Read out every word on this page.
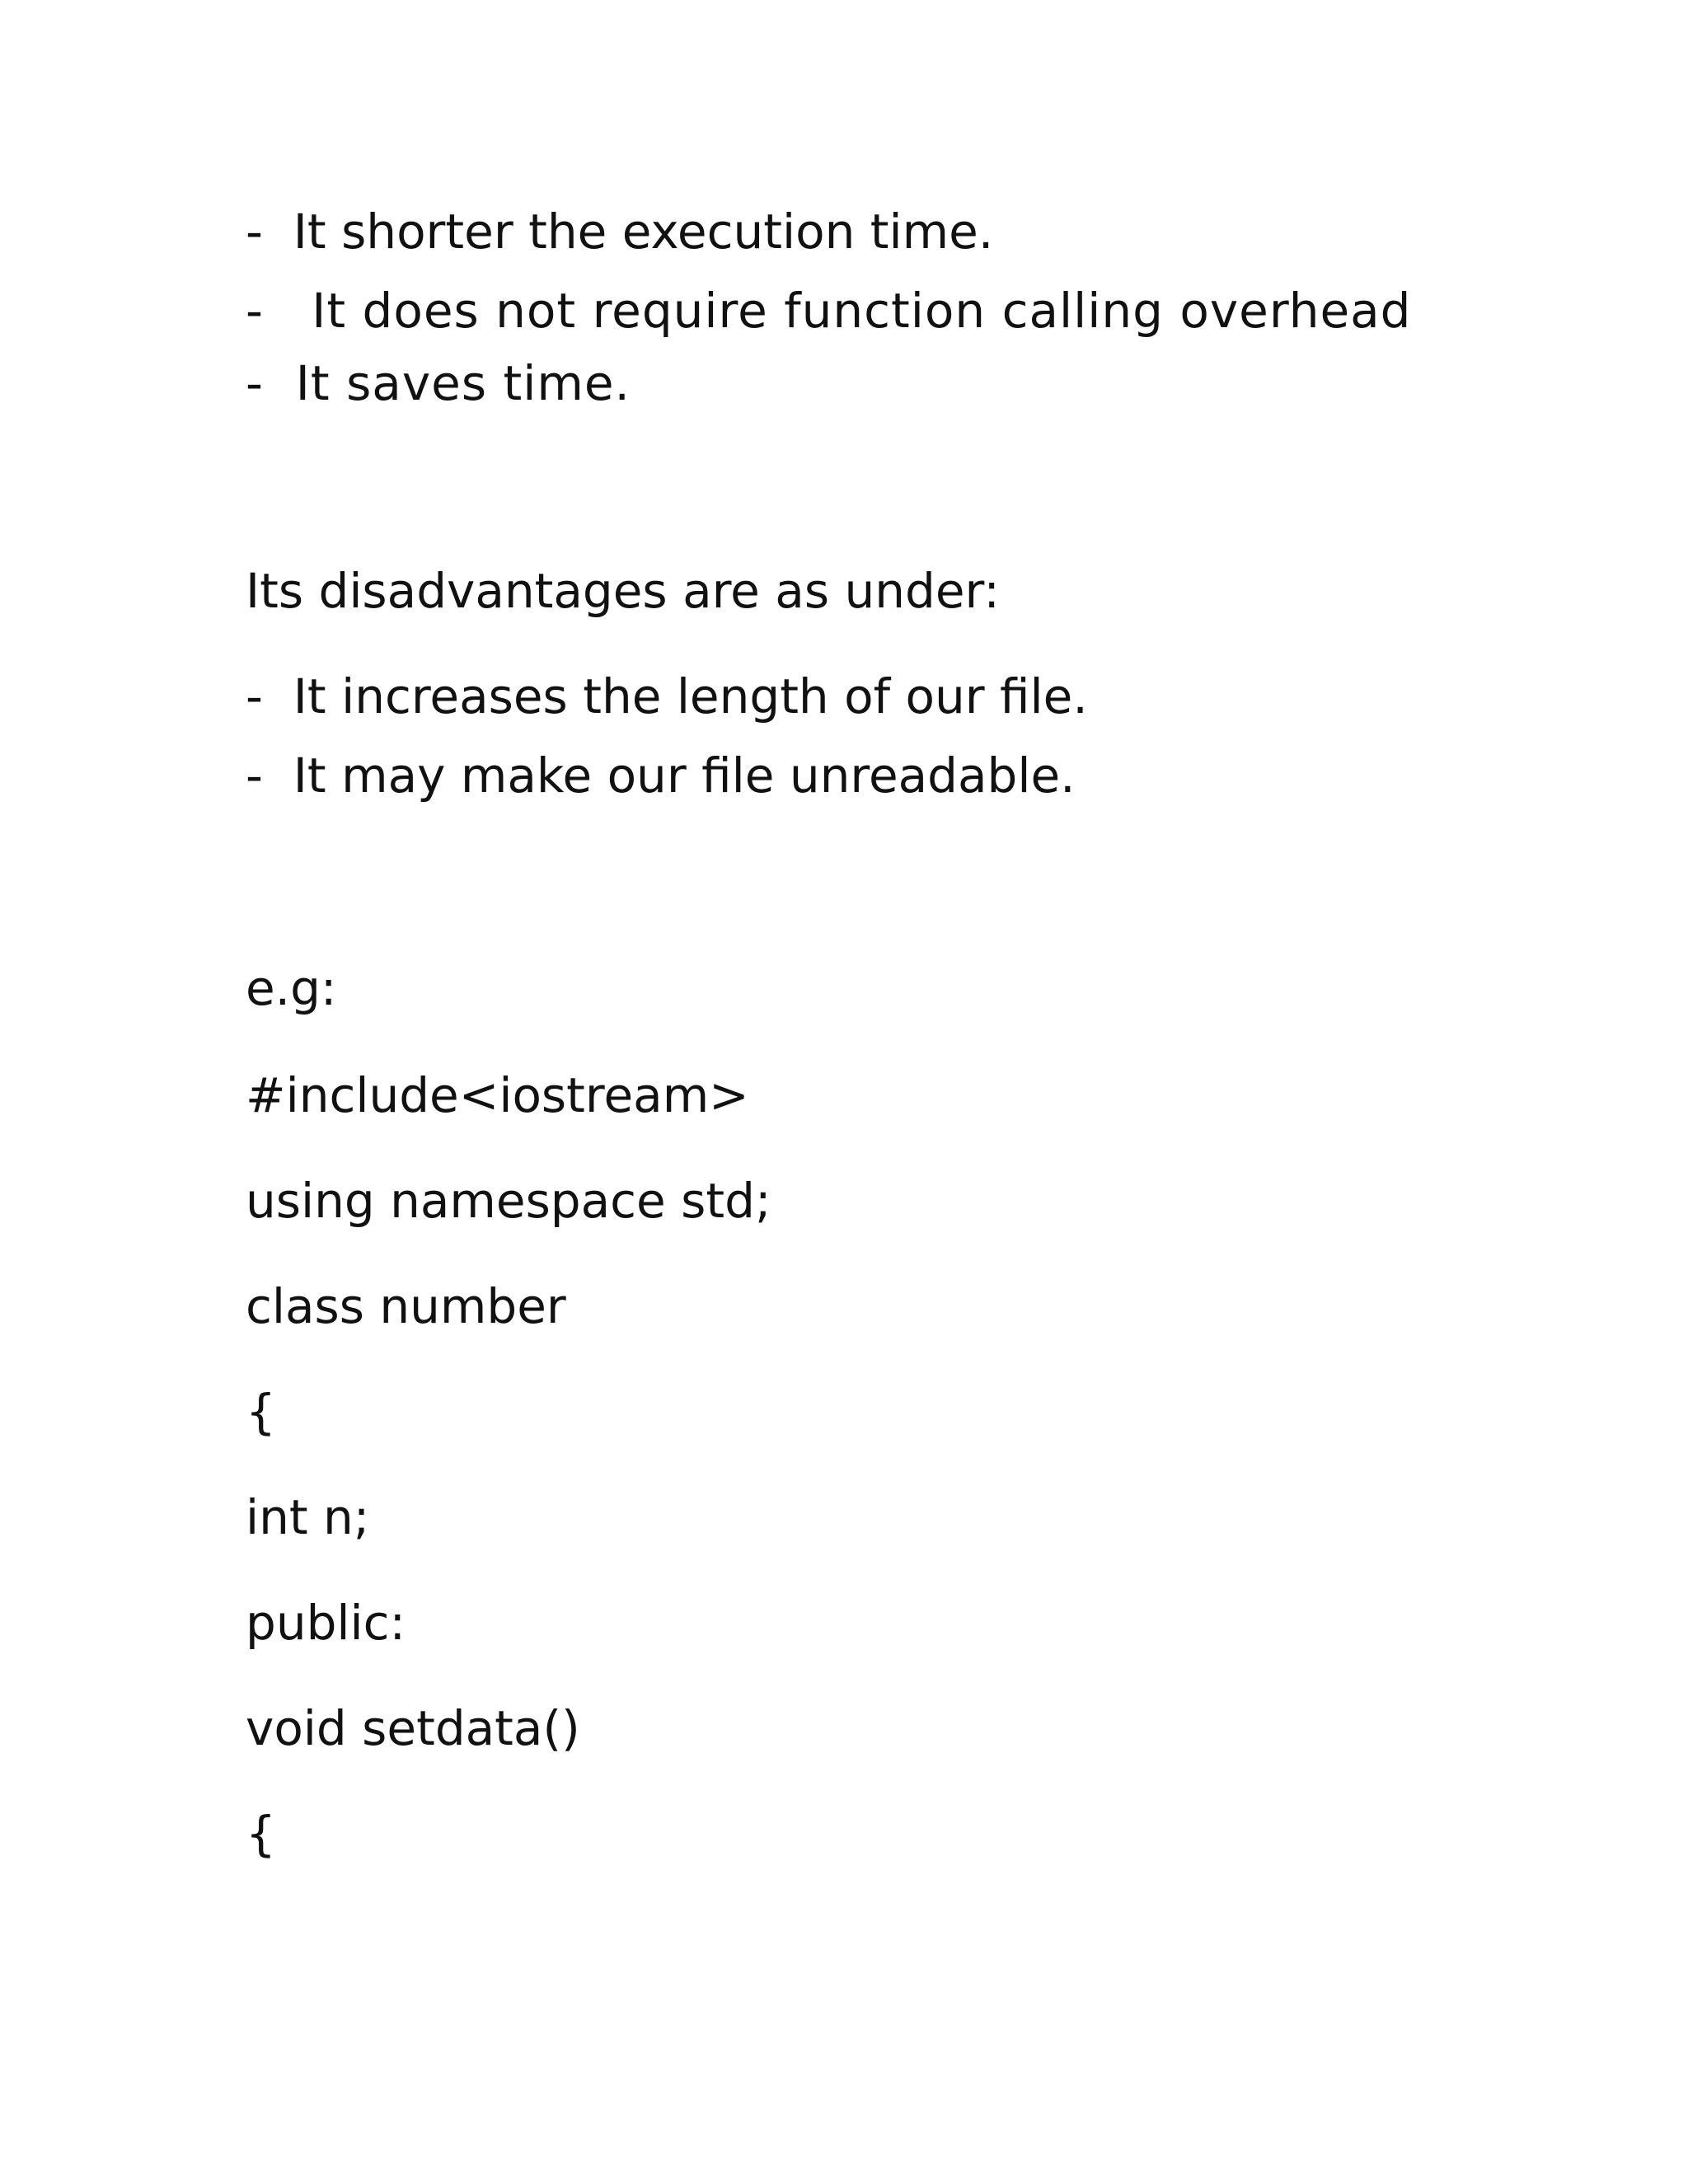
-  It shorter the execution time.
-   It does not require function calling overhead
-  It saves time.
Its disadvantages are as under:
-  It increases the length of our file.
-  It may make our file unreadable.
e.g:
#include<iostream>
using namespace std;
class number
{
int n;
public:
void setdata()
{
